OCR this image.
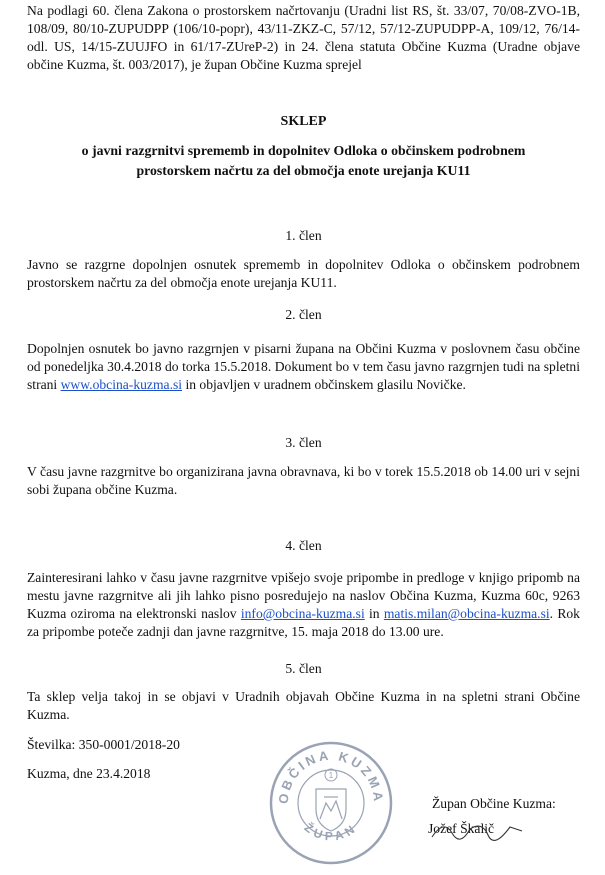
Na podlagi 60. člena Zakona o prostorskem načrtovanju (Uradni list RS, št. 33/07, 70/08-ZVO-1B, 108/09, 80/10-ZUPUDPP (106/10-popr), 43/11-ZKZ-C, 57/12, 57/12-ZUPUDPP-A, 109/12, 76/14-odl. US, 14/15-ZUUJFO in 61/17-ZUreP-2) in 24. člena statuta Občine Kuzma (Uradne objave občine Kuzma, št. 003/2017), je župan Občine Kuzma sprejel

SKLEP
o javni razgrnitvi sprememb in dopolnitev Odloka o občinskem podrobnem
prostorskem načrtu za del območja enote urejanja KU11
1. člen

Javno se razgrne dopolnjen osnutek sprememb in dopolnitev Odloka o občinskem podrobnem prostorskem načrtu za del območja enote urejanja KU11.

2. člen

Dopolnjen osnutek bo javno razgrnjen v pisarni župana na Občini Kuzma v poslovnem času občine od ponedeljka 30.4.2018 do torka 15.5.2018. Dokument bo v tem času javno razgrnjen tudi na spletni strani www.obcina-kuzma.si in objavljen v uradnem občinskem glasilu Novičke.

3. člen

V času javne razgrnitve bo organizirana javna obravnava, ki bo v torek 15.5.2018 ob 14.00 uri v sejni sobi župana občine Kuzma.

4. člen

Zainteresirani lahko v času javne razgrnitve vpišejo svoje pripombe in predloge v knjigo pripomb na mestu javne razgrnitve ali jih lahko pisno posredujejo na naslov Občina Kuzma, Kuzma 60c, 9263 Kuzma oziroma na elektronski naslov info@obcina-kuzma.si in matis.milan@obcina-kuzma.si. Rok za pripombe poteče zadnji dan javne razgrnitve, 15. maja 2018 do 13.00 ure.

5. člen

Ta sklep velja takoj in se objavi v Uradnih objavah Občine Kuzma in na spletni strani Občine Kuzma.

Številka: 350-0001/2018-20
Kuzma, dne 23.4.2018
OBČINA KUZMA
ŽUPAN
1
Župan Občine Kuzma:
Jožef Škalič
